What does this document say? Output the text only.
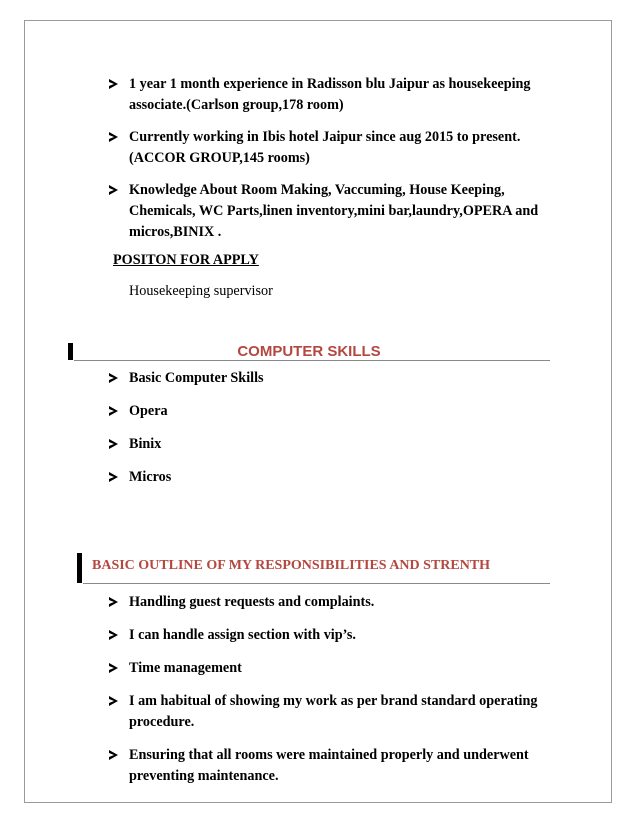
1 year 1 month experience in Radisson blu Jaipur as housekeeping associate.(Carlson group,178 room)
Currently working in Ibis hotel Jaipur since aug 2015 to present. (ACCOR GROUP,145 rooms)
Knowledge About Room Making, Vaccuming, House Keeping, Chemicals, WC Parts,linen inventory,mini bar,laundry,OPERA and micros,BINIX .
POSITON FOR APPLY
Housekeeping supervisor
COMPUTER SKILLS
Basic Computer Skills
Opera
Binix
Micros
BASIC OUTLINE OF MY RESPONSIBILITIES AND STRENTH
Handling guest requests and complaints.
I can handle assign section with vip’s.
Time management
I am habitual of showing my work as per brand standard operating procedure.
Ensuring that all rooms were maintained properly and underwent preventing maintenance.
